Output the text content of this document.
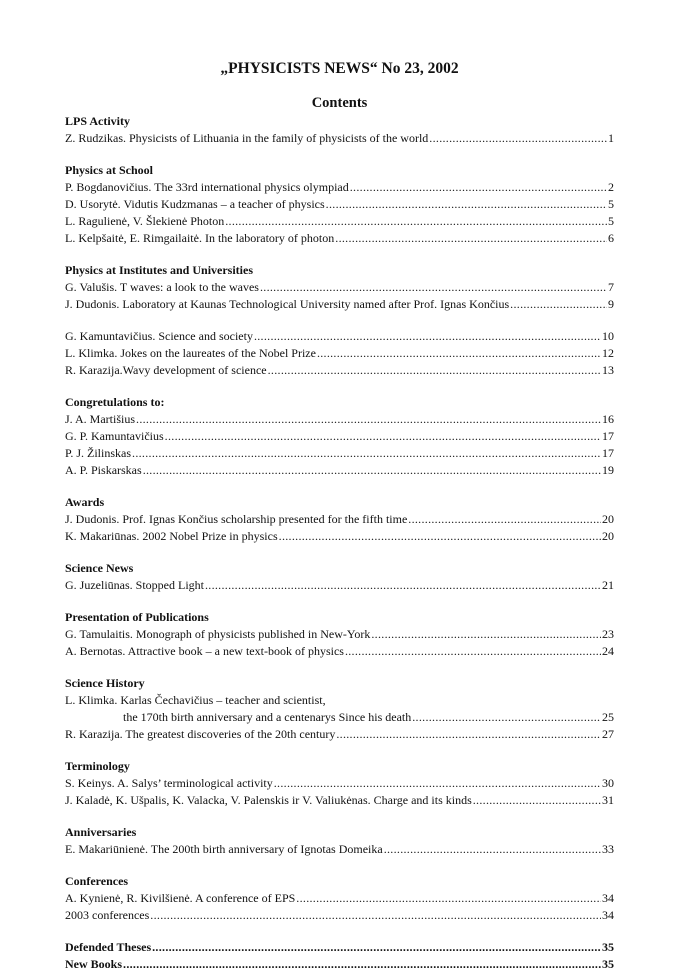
„PHYSICISTS NEWS“ No 23, 2002
Contents
LPS Activity
Z. Rudzikas. Physicists of Lithuania in the family of physicists of the world .....	1
Physics at School
P. Bogdanovičius. The 33rd international physics olympiad .....	2
D. Usorytė. Vidutis Kudzmanas – a teacher of physics .....	5
L. Ragulienė, V. Šlekienė Photon .....	5
L. Kelpšaitė, E. Rimgailaitė. In the laboratory of photon .....	6
Physics at Institutes and Universities
G. Valušis. T waves: a look to the waves .....	7
J. Dudonis. Laboratory at Kaunas Technological University named after Prof. Ignas Končius .....	9
G. Kamuntavičius. Science and society .....	10
L. Klimka. Jokes on the laureates of the Nobel Prize .....	12
R. Karazija.Wavy development of science .....	13
Congretulations to:
J. A. Martišius .....	16
G. P. Kamuntavičius .....	17
P. J. Žilinskas .....	17
A. P. Piskarskas .....	19
Awards
J. Dudonis. Prof. Ignas Končius scholarship presented for the fifth time .....	20
K. Makariūnas. 2002 Nobel Prize in physics .....	20
Science News
G. Juzeliūnas. Stopped Light .....	21
Presentation of Publications
G. Tamulaitis. Monograph of physicists published in New-York .....	23
A. Bernotas. Attractive book – a new text-book of physics .....	24
Science History
L. Klimka. Karlas Čechavičius – teacher and scientist,
the 170th birth anniversary and a centenarys Since his death .....	25
R. Karazija. The greatest discoveries of the 20th century .....	27
Terminology
S. Keinys. A. Salys’ terminological activity .....	30
J. Kaladė, K. Ušpalis, K. Valacka, V. Palenskis ir V. Valiukėnas. Charge and its kinds .....	31
Anniversaries
E. Makariūnienė. The 200th birth anniversary of Ignotas Domeika .....	33
Conferences
A. Kynienė, R. Kivilšienė. A conference of EPS .....	34
2003 conferences .....	34
Defended Theses .....	35
New Books .....	35
